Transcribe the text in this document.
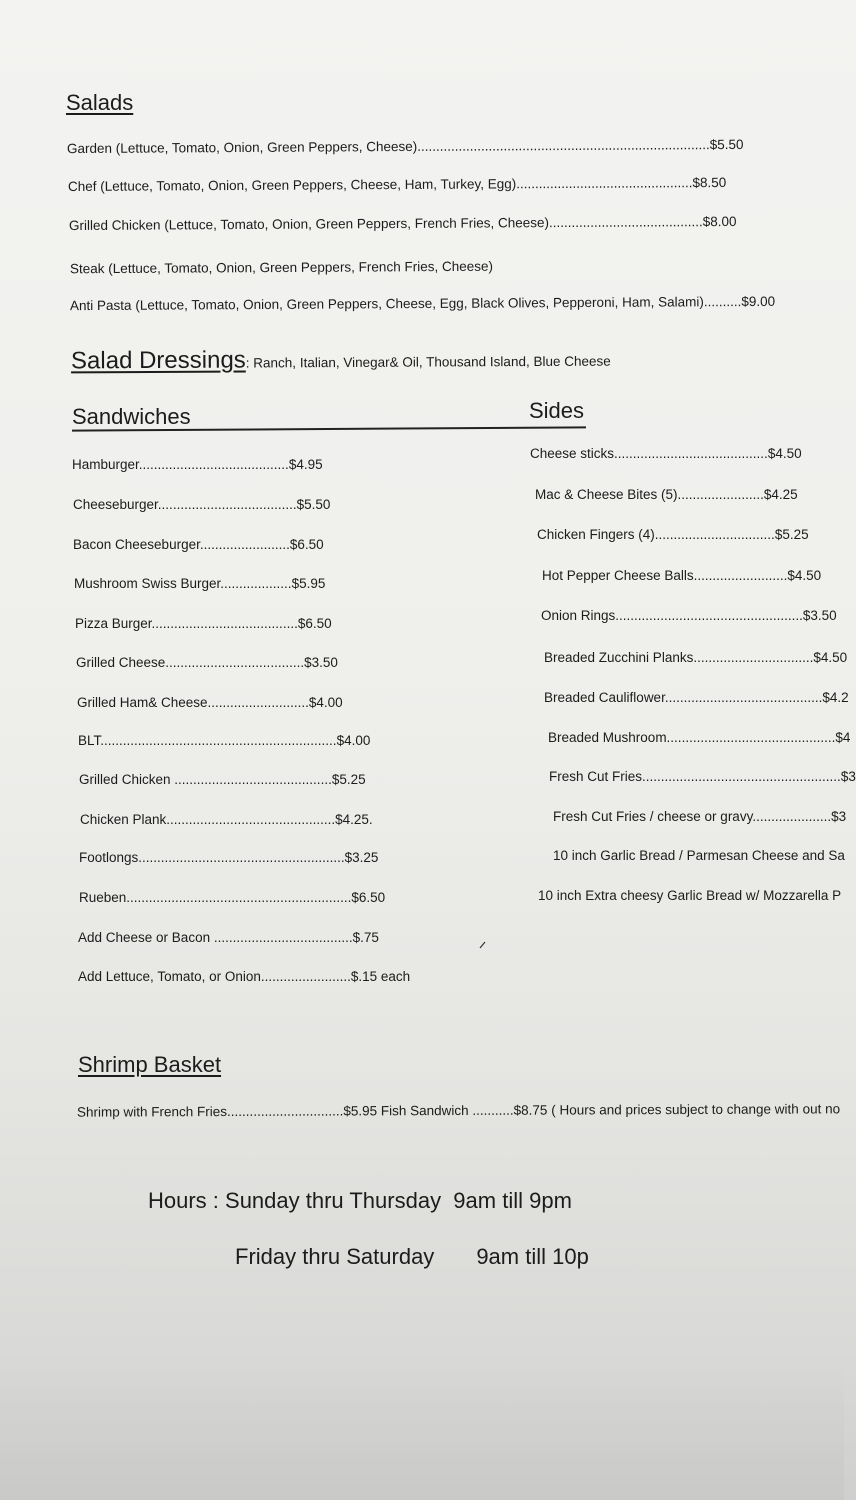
Salads
Garden (Lettuce, Tomato, Onion, Green Peppers, Cheese)..............................................................................$5.50
Chef (Lettuce, Tomato, Onion, Green Peppers, Cheese, Ham, Turkey, Egg)...............................................$8.50
Grilled Chicken (Lettuce, Tomato, Onion, Green Peppers, French Fries, Cheese).........................................$8.00
Steak (Lettuce, Tomato, Onion, Green Peppers, French Fries, Cheese)
Anti Pasta (Lettuce, Tomato, Onion, Green Peppers, Cheese, Egg, Black Olives, Pepperoni, Ham, Salami)..........$9.00
Salad Dressings: Ranch, Italian, Vinegar& Oil, Thousand Island, Blue Cheese
Sandwiches	Sides
Hamburger........................................$4.95
Cheeseburger.....................................$5.50
Bacon Cheeseburger........................$6.50
Mushroom Swiss Burger...................$5.95
Pizza Burger.......................................$6.50
Grilled Cheese.....................................$3.50
Grilled Ham& Cheese...........................$4.00
BLT...............................................................$4.00
Grilled Chicken ..........................................$5.25
Chicken Plank.............................................$4.25.
Footlongs.......................................................$3.25
Rueben............................................................$6.50
Add Cheese or Bacon .....................................$.75
Add Lettuce, Tomato, or Onion........................$.15 each
Cheese sticks.........................................$4.50
Mac & Cheese Bites (5).......................$4.25
Chicken Fingers (4)................................$5.25
Hot Pepper Cheese Balls.........................$4.50
Onion Rings..................................................$3.50
Breaded Zucchini Planks................................$4.50
Breaded Cauliflower..........................................$4.2
Breaded Mushroom.............................................$4
Fresh Cut Fries.....................................................$3
Fresh Cut Fries / cheese or gravy.....................$3
10 inch Garlic Bread / Parmesan Cheese and Sa
10 inch Extra cheesy Garlic Bread w/ Mozzarella P
Shrimp Basket
Shrimp with French Fries...............................$5.95 Fish Sandwich ...........$8.75 ( Hours and prices subject to change with out no
Hours : Sunday thru Thursday  9am till 9pm
Friday thru Saturday 9am till 10p
